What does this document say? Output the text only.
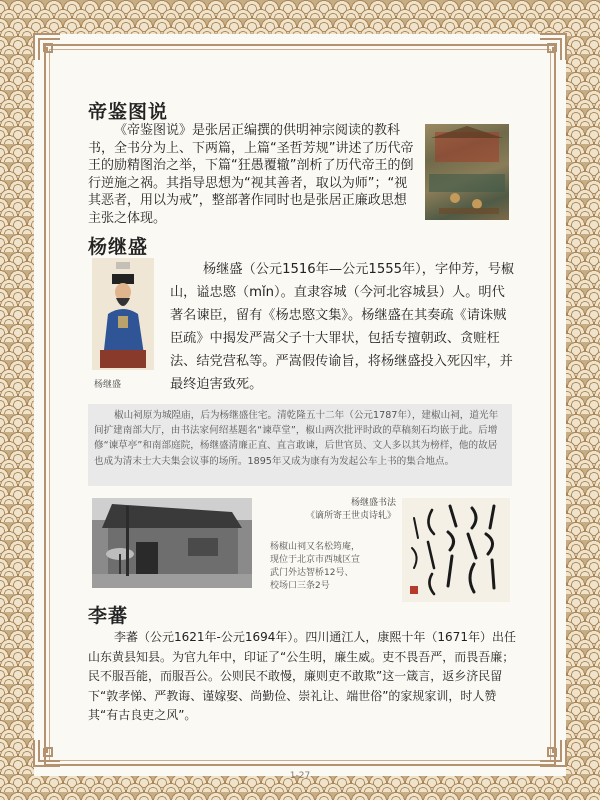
帝鉴图说

《帝鉴图说》是张居正编撰的供明神宗阅读的教科书，全书分为上、下两篇，上篇“圣哲芳规”讲述了历代帝王的励精图治之举，下篇“狂愚覆辙”剖析了历代帝王的倒行逆施之祸。其指导思想为“视其善者，取以为师”；“视其恶者，用以为戒”，整部著作同时也是张居正廉政思想主张之体现。

杨继盛
杨继盛

杨继盛（公元1516年—公元1555年），字仲芳，号椒山，谥忠愍（mǐn）。直隶容城（今河北容城县）人。明代著名谏臣，留有《杨忠愍文集》。杨继盛在其奏疏《请诛贼臣疏》中揭发严嵩父子十大罪状，包括专擅朝政、贪赃枉法、结党营私等。严嵩假传谕旨，将杨继盛投入死囚牢，并最终迫害致死。

椒山祠原为城隍庙，后为杨继盛住宅。清乾隆五十二年（公元1787年），建椒山祠，道光年间扩建南部大厅，由书法家何绍基题名“谏草堂”，椒山两次批评时政的草稿刻石均嵌于此。后增修“谏草亭”和南部庭院，杨继盛清廉正直、直言敢谏，后世官员、文人多以其为榜样，他的故居也成为清末士大夫集会议事的场所。1895年又成为康有为发起公车上书的集合地点。
杨继盛书法
《谪所寄王世贞诗轧》
杨椒山祠又名松筠庵，现位于北京市西城区宣武门外达智桥12号、校场口三条2号
李蕃

李蕃（公元1621年-公元1694年）。四川通江人，康熙十年（1671年）出任山东黄县知县。为官九年中，印证了“公生明，廉生威。吏不畏吾严，而畏吾廉；民不服吾能，而服吾公。公则民不敢慢，廉则吏不敢欺”这一箴言，返乡济民留下“敦孝悌、严教诲、谨嫁娶、尚勤俭、崇礼让、端世俗”的家规家训，时人赞其“有古良吏之风”。

1-27
